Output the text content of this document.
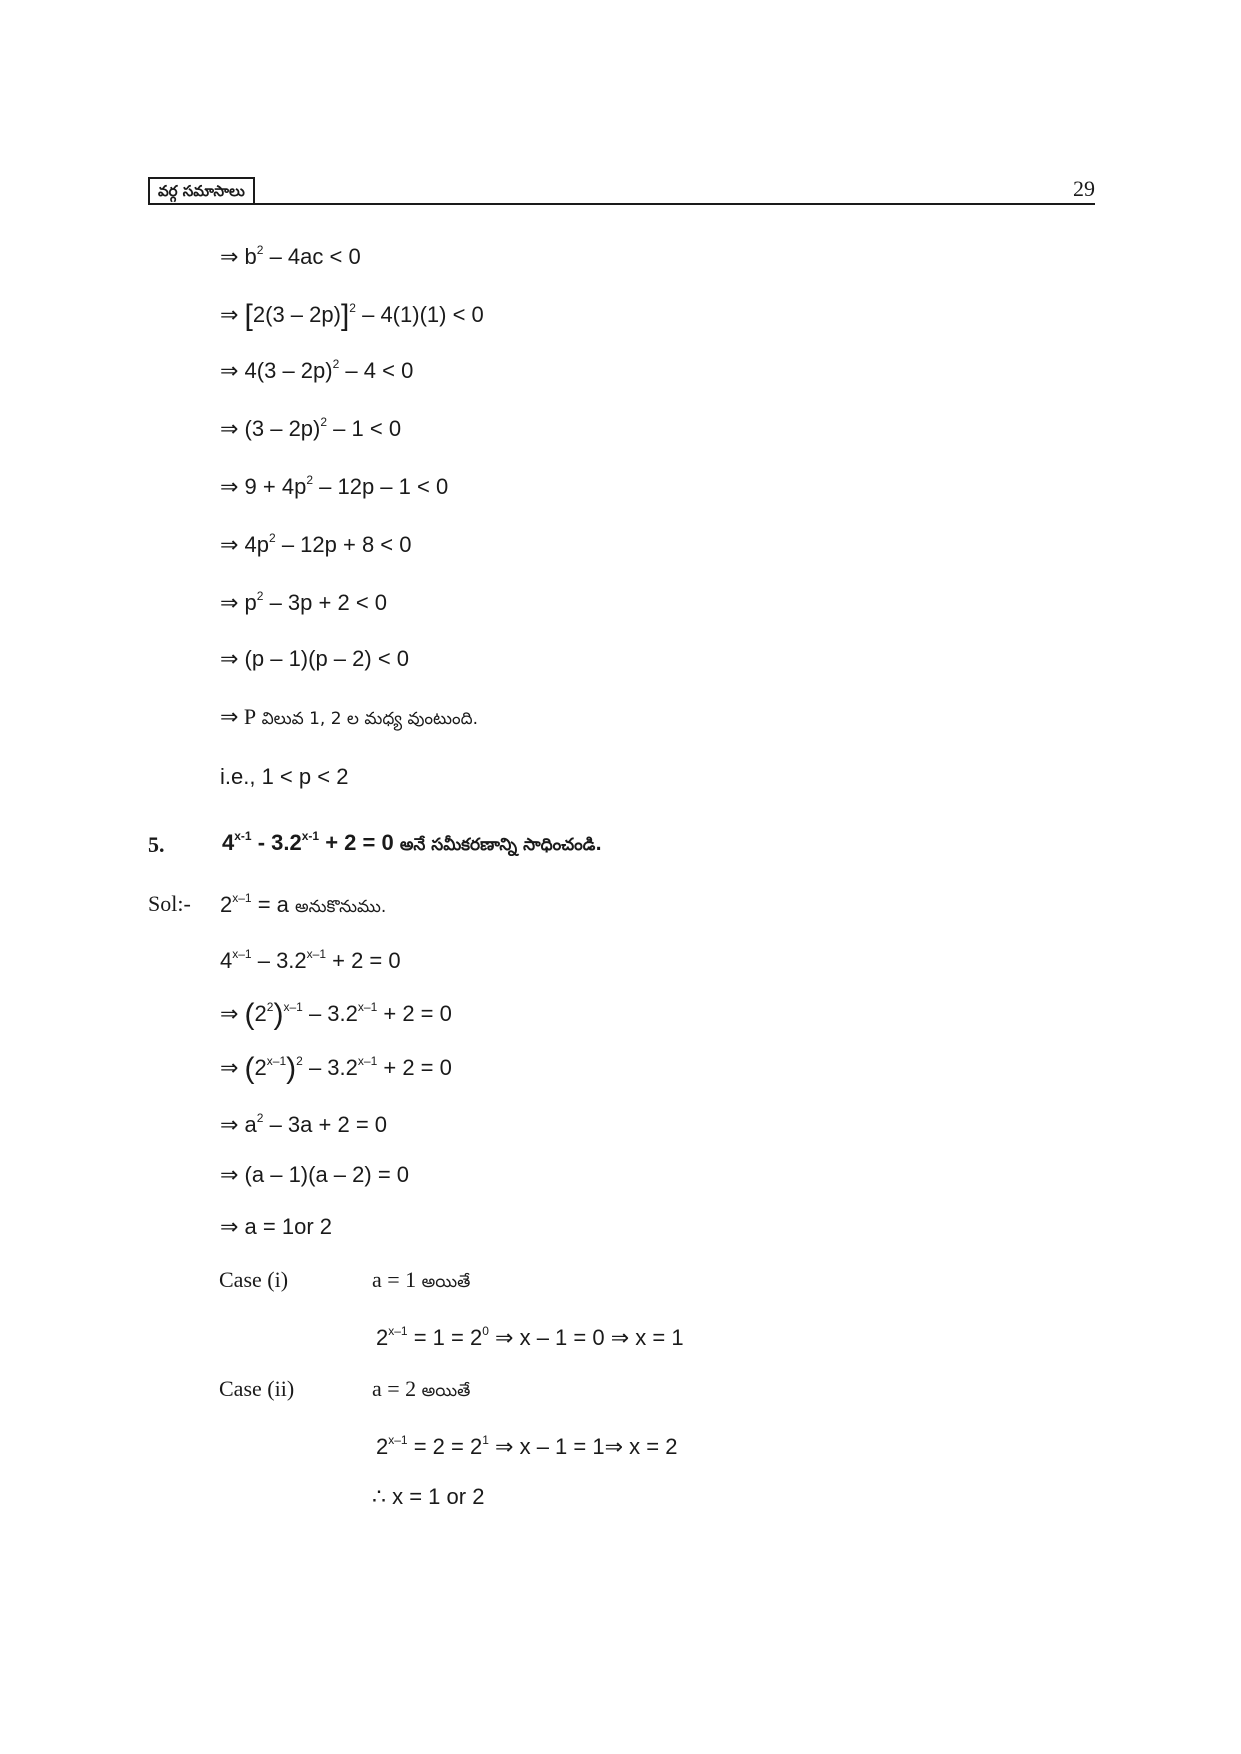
వర్గ సమాసాలు	29
⇒ $b^2 - 4ac < 0$
⇒ [2(3 – 2p)]$^2$ – 4(1)(1) < 0
⇒ 4(3 – 2p)$^2$ – 4 < 0
⇒ (3 – 2p)$^2$ – 1 < 0
⇒ $9 + 4p^2 - 12p - 1 < 0$
⇒ $4p^2 - 12p + 8 < 0$
⇒ $p^2 - 3p + 2 < 0$
⇒ (p – 1)(p – 2) < 0
⇒ P విలువ 1, 2 ల మధ్య వుంటుంది.
i.e., 1 < p < 2
5.	$4^{x-1} - 3.2^{x-1} + 2 = 0$ అనే సమీకరణాన్ని సాధించండి.
Sol:- $2^{x-1} = a$ అనుకొనుము.
$4^{x-1} - 3.2^{x-1} + 2 = 0$
⇒ $(2^2)^{x-1} - 3.2^{x-1} + 2 = 0$
⇒ $(2^{x-1})^2 - 3.2^{x-1} + 2 = 0$
⇒ $a^2 - 3a + 2 = 0$
⇒ (a – 1)(a – 2) = 0
⇒ a = 1or 2
Case (i)	a = 1 అయితే
$2^{x-1} = 1 = 2^0$ ⇒ x – 1 = 0 ⇒ x = 1
Case (ii)	a = 2 అయితే
$2^{x-1} = 2 = 2^1$ ⇒ x – 1 = 1⇒ x = 2
∴ x = 1 or 2
